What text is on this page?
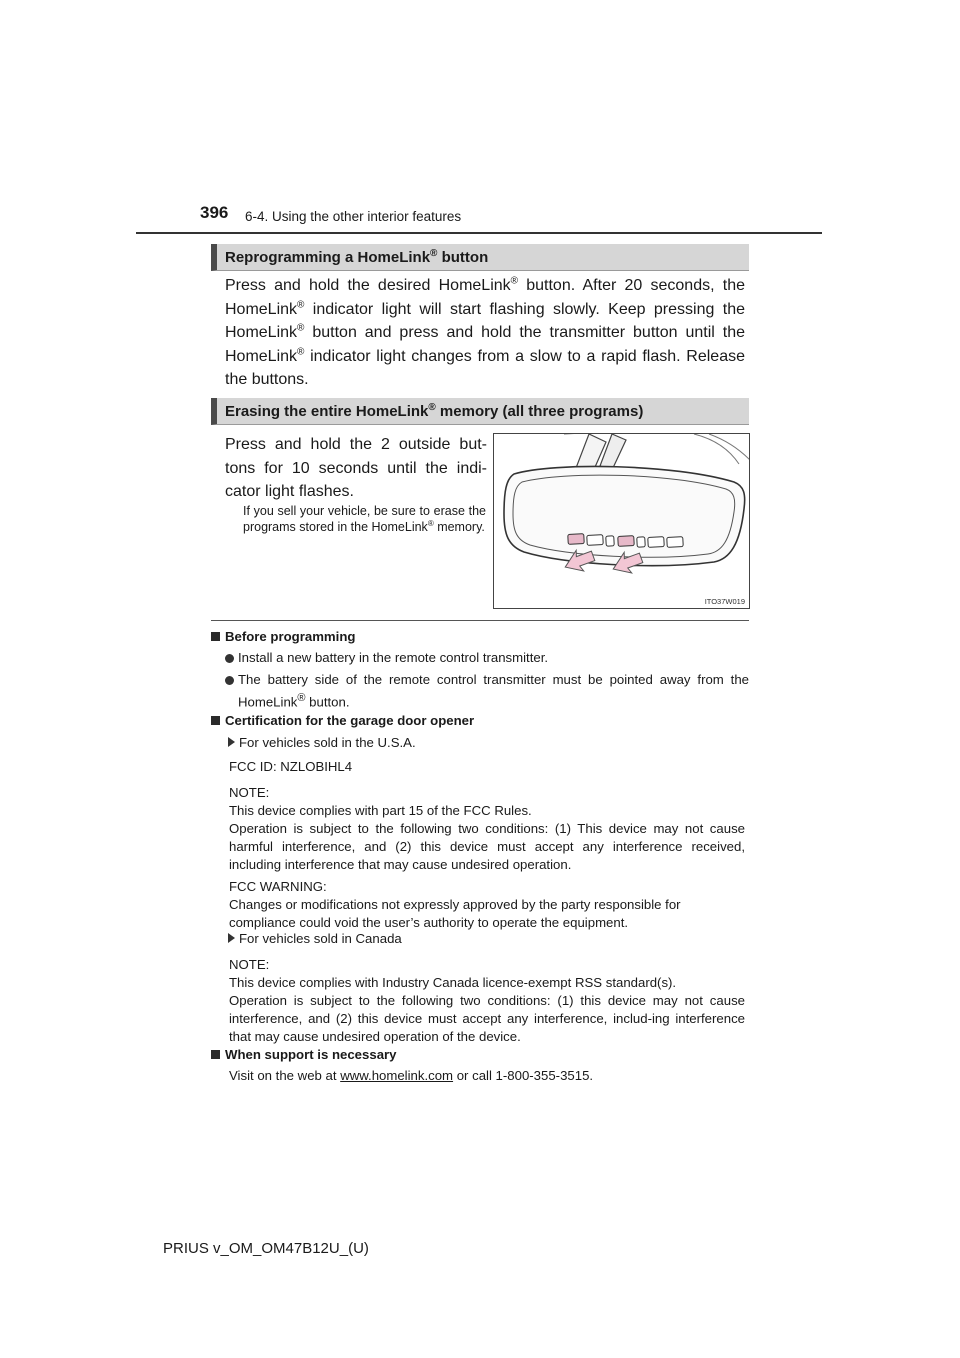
396 6-4. Using the other interior features
Reprogramming a HomeLink® button
Press and hold the desired HomeLink® button. After 20 seconds, the HomeLink® indicator light will start flashing slowly. Keep pressing the HomeLink® button and press and hold the transmitter button until the HomeLink® indicator light changes from a slow to a rapid flash. Release the buttons.
Erasing the entire HomeLink® memory (all three programs)
Press and hold the 2 outside but-tons for 10 seconds until the indi-cator light flashes.
If you sell your vehicle, be sure to erase the programs stored in the HomeLink® memory.
ITO37W019
Before programming
Install a new battery in the remote control transmitter.
The battery side of the remote control transmitter must be pointed away from the HomeLink® button.
Certification for the garage door opener
For vehicles sold in the U.S.A.
FCC ID: NZLOBIHL4
NOTE:
This device complies with part 15 of the FCC Rules.
Operation is subject to the following two conditions: (1) This device may not cause harmful interference, and (2) this device must accept any interference received, including interference that may cause undesired operation.
FCC WARNING:
Changes or modifications not expressly approved by the party responsible for compliance could void the user’s authority to operate the equipment.
For vehicles sold in Canada
NOTE:
This device complies with Industry Canada licence-exempt RSS standard(s).
Operation is subject to the following two conditions: (1) this device may not cause interference, and (2) this device must accept any interference, includ-ing interference that may cause undesired operation of the device.
When support is necessary
Visit on the web at www.homelink.com or call 1-800-355-3515.
PRIUS v_OM_OM47B12U_(U)
